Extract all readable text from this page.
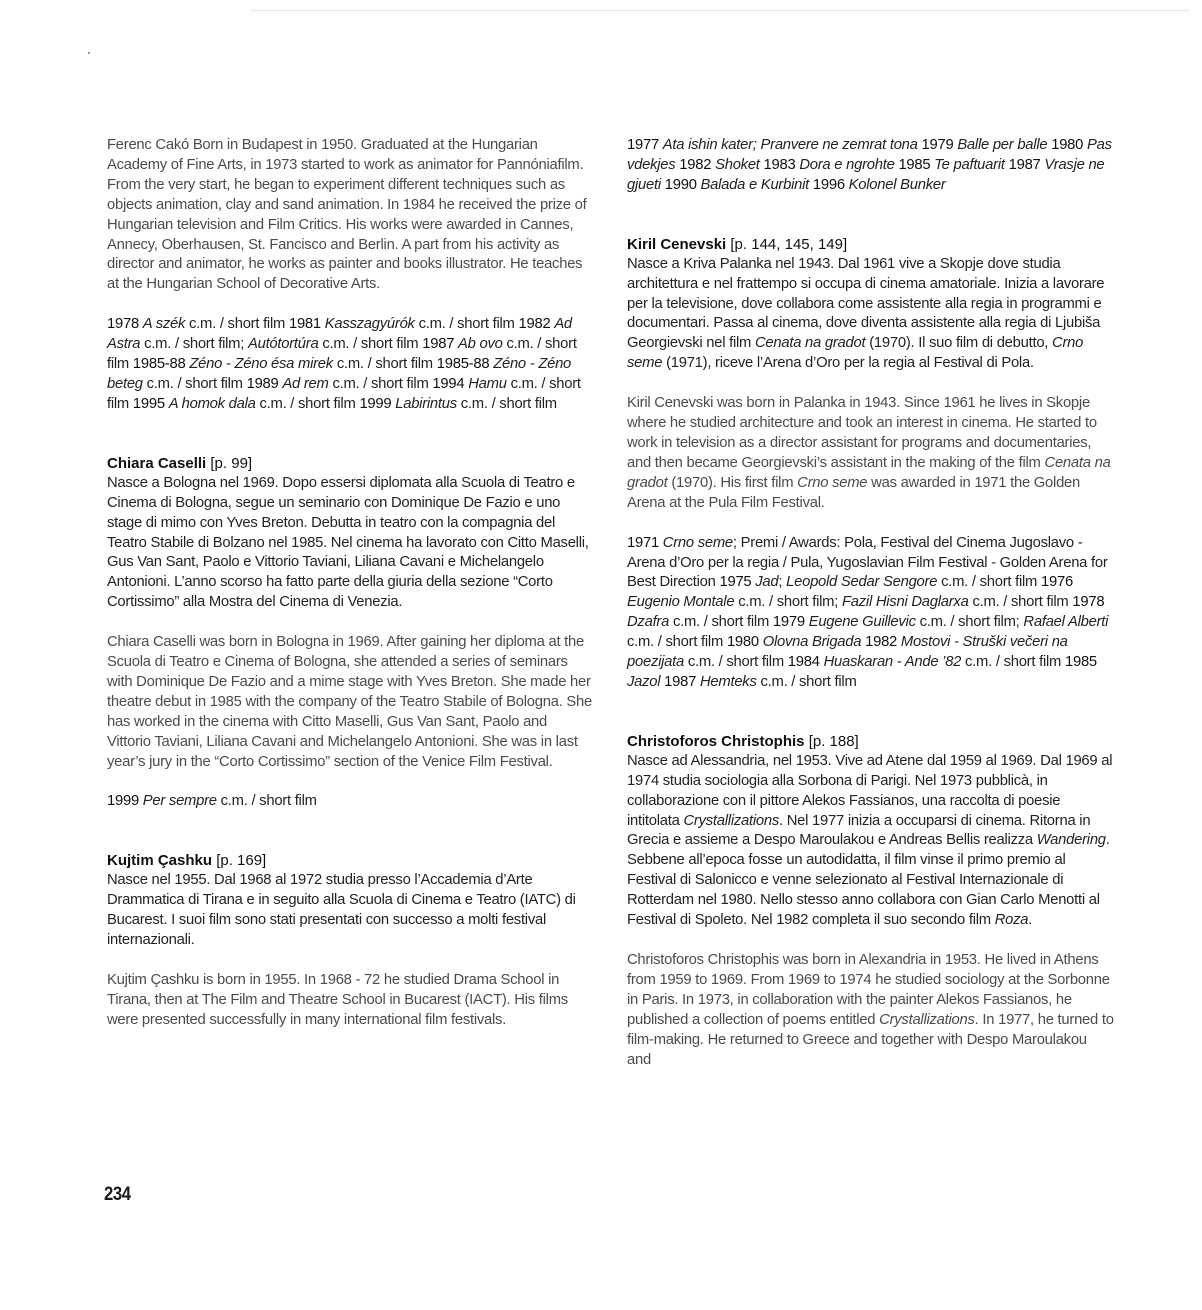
Ferenc Cakó Born in Budapest in 1950. Graduated at the Hungarian Academy of Fine Arts, in 1973 started to work as animator for Pannóniafilm. From the very start, he began to experiment different techniques such as objects animation, clay and sand animation. In 1984 he received the prize of Hungarian television and Film Critics. His works were awarded in Cannes, Annecy, Oberhausen, St. Fancisco and Berlin. A part from his activity as director and animator, he works as painter and books illustrator. He teaches at the Hungarian School of Decorative Arts.

1978 A szék c.m. / short film 1981 Kasszagyúrók c.m. / short film 1982 Ad Astra c.m. / short film; Autótortúra c.m. / short film 1987 Ab ovo c.m. / short film 1985-88 Zéno - Zéno ésa mirek c.m. / short film 1985-88 Zéno - Zéno beteg c.m. / short film 1989 Ad rem c.m. / short film 1994 Hamu c.m. / short film 1995 A homok dala c.m. / short film 1999 Labirintus c.m. / short film

Chiara Caselli [p. 99]

Nasce a Bologna nel 1969. Dopo essersi diplomata alla Scuola di Teatro e Cinema di Bologna, segue un seminario con Dominique De Fazio e uno stage di mimo con Yves Breton. Debutta in teatro con la compagnia del Teatro Stabile di Bolzano nel 1985. Nel cinema ha lavorato con Citto Maselli, Gus Van Sant, Paolo e Vittorio Taviani, Liliana Cavani e Michelangelo Antonioni. L’anno scorso ha fatto parte della giuria della sezione “Corto Cortissimo” alla Mostra del Cinema di Venezia.

Chiara Caselli was born in Bologna in 1969. After gaining her diploma at the Scuola di Teatro e Cinema of Bologna, she attended a series of seminars with Dominique De Fazio and a mime stage with Yves Breton. She made her theatre debut in 1985 with the company of the Teatro Stabile of Bologna. She has worked in the cinema with Citto Maselli, Gus Van Sant, Paolo and Vittorio Taviani, Liliana Cavani and Michelangelo Antonioni. She was in last year’s jury in the “Corto Cortissimo” section of the Venice Film Festival.

1999 Per sempre c.m. / short film

Kujtim Çashku [p. 169]

Nasce nel 1955. Dal 1968 al 1972 studia presso l’Accademia d’Arte Drammatica di Tirana e in seguito alla Scuola di Cinema e Teatro (IATC) di Bucarest. I suoi film sono stati presentati con successo a molti festival internazionali.

Kujtim Çashku is born in 1955. In 1968 - 72 he studied Drama School in Tirana, then at The Film and Theatre School in Bucarest (IACT). His films were presented successfully in many international film festivals.

1977 Ata ishin kater; Pranvere ne zemrat tona 1979 Balle per balle 1980 Pas vdekjes 1982 Shoket 1983 Dora e ngrohte 1985 Te paftuarit 1987 Vrasje ne gjueti 1990 Balada e Kurbinit 1996 Kolonel Bunker

Kiril Cenevski [p. 144, 145, 149]

Nasce a Kriva Palanka nel 1943. Dal 1961 vive a Skopje dove studia architettura e nel frattempo si occupa di cinema amatoriale. Inizia a lavorare per la televisione, dove collabora come assistente alla regia in programmi e documentari. Passa al cinema, dove diventa assistente alla regia di Ljubiša Georgievski nel film Cenata na gradot (1970). Il suo film di debutto, Crno seme (1971), riceve l’Arena d’Oro per la regia al Festival di Pola.

Kiril Cenevski was born in Palanka in 1943. Since 1961 he lives in Skopje where he studied architecture and took an interest in cinema. He started to work in television as a director assistant for programs and documentaries, and then became Georgievski’s assistant in the making of the film Cenata na gradot (1970). His first film Crno seme was awarded in 1971 the Golden Arena at the Pula Film Festival.

1971 Crno seme; Premi / Awards: Pola, Festival del Cinema Jugoslavo - Arena d’Oro per la regia / Pula, Yugoslavian Film Festival - Golden Arena for Best Direction 1975 Jad; Leopold Sedar Sengore c.m. / short film 1976 Eugenio Montale c.m. / short film; Fazil Hisni Daglarxa c.m. / short film 1978 Dzafra c.m. / short film 1979 Eugene Guillevic c.m. / short film; Rafael Alberti c.m. / short film 1980 Olovna Brigada 1982 Mostovi - Struški večeri na poezijata c.m. / short film 1984 Huaskaran - Ande ’82 c.m. / short film 1985 Jazol 1987 Hemteks c.m. / short film

Christoforos Christophis [p. 188]

Nasce ad Alessandria, nel 1953. Vive ad Atene dal 1959 al 1969. Dal 1969 al 1974 studia sociologia alla Sorbona di Parigi. Nel 1973 pubblicà, in collaborazione con il pittore Alekos Fassianos, una raccolta di poesie intitolata Crystallizations. Nel 1977 inizia a occuparsi di cinema. Ritorna in Grecia e assieme a Despo Maroulakou e Andreas Bellis realizza Wandering. Sebbene all’epoca fosse un autodidatta, il film vinse il primo premio al Festival di Salonicco e venne selezionato al Festival Internazionale di Rotterdam nel 1980. Nello stesso anno collabora con Gian Carlo Menotti al Festival di Spoleto. Nel 1982 completa il suo secondo film Roza.

Christoforos Christophis was born in Alexandria in 1953. He lived in Athens from 1959 to 1969. From 1969 to 1974 he studied sociology at the Sorbonne in Paris. In 1973, in collaboration with the painter Alekos Fassianos, he published a collection of poems entitled Crystallizations. In 1977, he turned to film-making. He returned to Greece and together with Despo Maroulakou and

234
